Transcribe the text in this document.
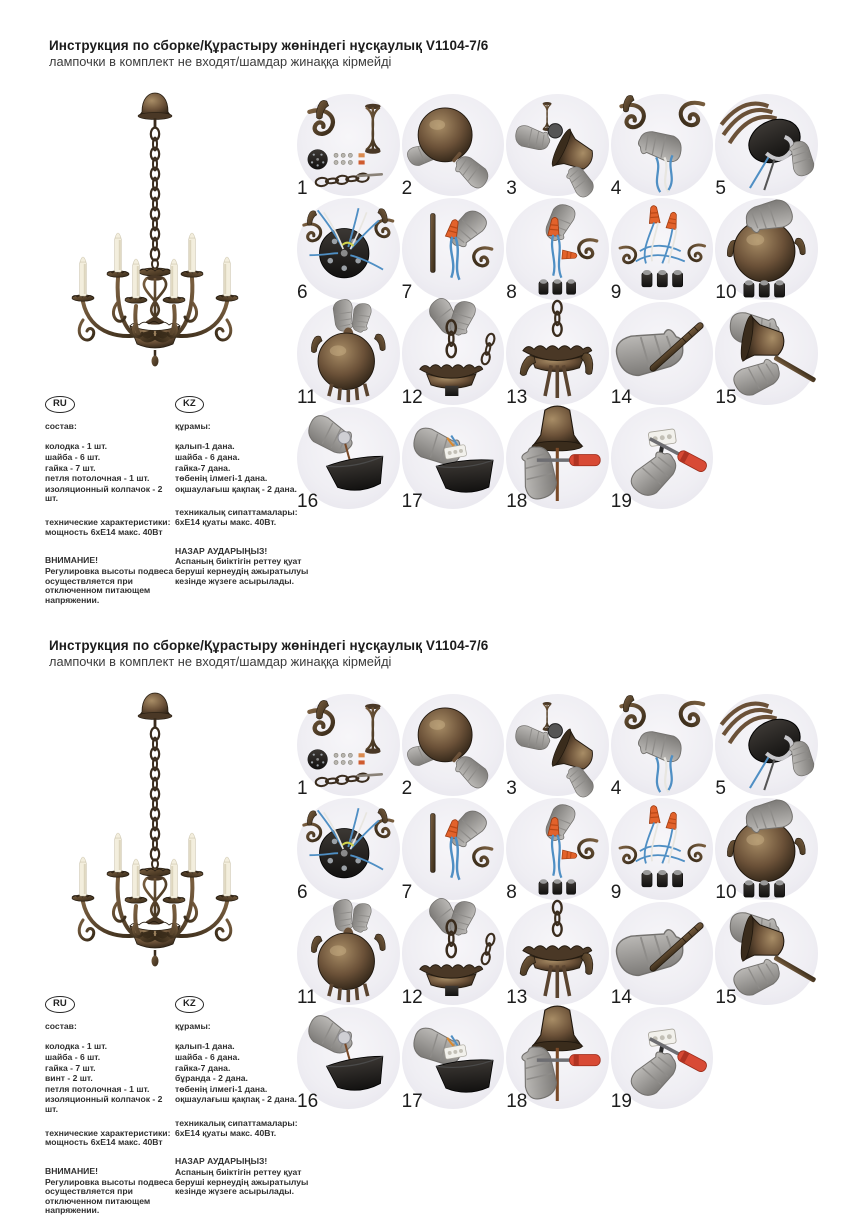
Инструкция по сборке/Құрастыру жөніндегі нұсқаулық V1104-7/6
лампочки в комплект не входят/шамдар жинаққа кірмейді
RU
состав:
колодка - 1 шт.
шайба - 6 шт.
гайка - 7 шт.
петля потолочная - 1 шт.
изоляционный колпачок - 2 шт.
технические характеристики:
мощность 6хЕ14 макс. 40Вт
ВНИМАНИЕ!
Регулировка высоты подвеса осуществляется при отключенном питающем напряжении.
KZ
құрамы:
қалып-1 дана.
шайба - 6 дана.
гайка-7 дана.
төбенің ілмегі-1 дана.
оқшаулағыш қақпақ - 2 дана.
техникалық сипаттамалары:
6хЕ14 қуаты макс. 40Вт.
НАЗАР АУДАРЫҢЫЗ!
Аспаның биіктігін реттеу қуат беруші кернеудің ажыратылуы кезінде жүзеге асырылады.
1	2	3	4	5
6	7	8	9	10
11	12	13	14	15
16	17	18	19
Инструкция по сборке/Құрастыру жөніндегі нұсқаулық V1104-7/6
лампочки в комплект не входят/шамдар жинаққа кірмейді
RU
состав:
колодка - 1 шт.
шайба - 6 шт.
гайка - 7 шт.
винт - 2 шт.
петля потолочная - 1 шт.
изоляционный колпачок - 2 шт.
технические характеристики:
мощность 6хЕ14 макс. 40Вт
ВНИМАНИЕ!
Регулировка высоты подвеса осуществляется при отключенном питающем напряжении.
KZ
құрамы:
қалып-1 дана.
шайба - 6 дана.
гайка-7 дана.
бұранда - 2 дана.
төбенің ілмегі-1 дана.
оқшаулағыш қақпақ - 2 дана.
техникалық сипаттамалары:
6хЕ14 қуаты макс. 40Вт.
НАЗАР АУДАРЫҢЫЗ!
Аспаның биіктігін реттеу қуат беруші кернеудің ажыратылуы кезінде жүзеге асырылады.
1	2	3	4	5
6	7	8	9	10
11	12	13	14	15
16	17	18	19
